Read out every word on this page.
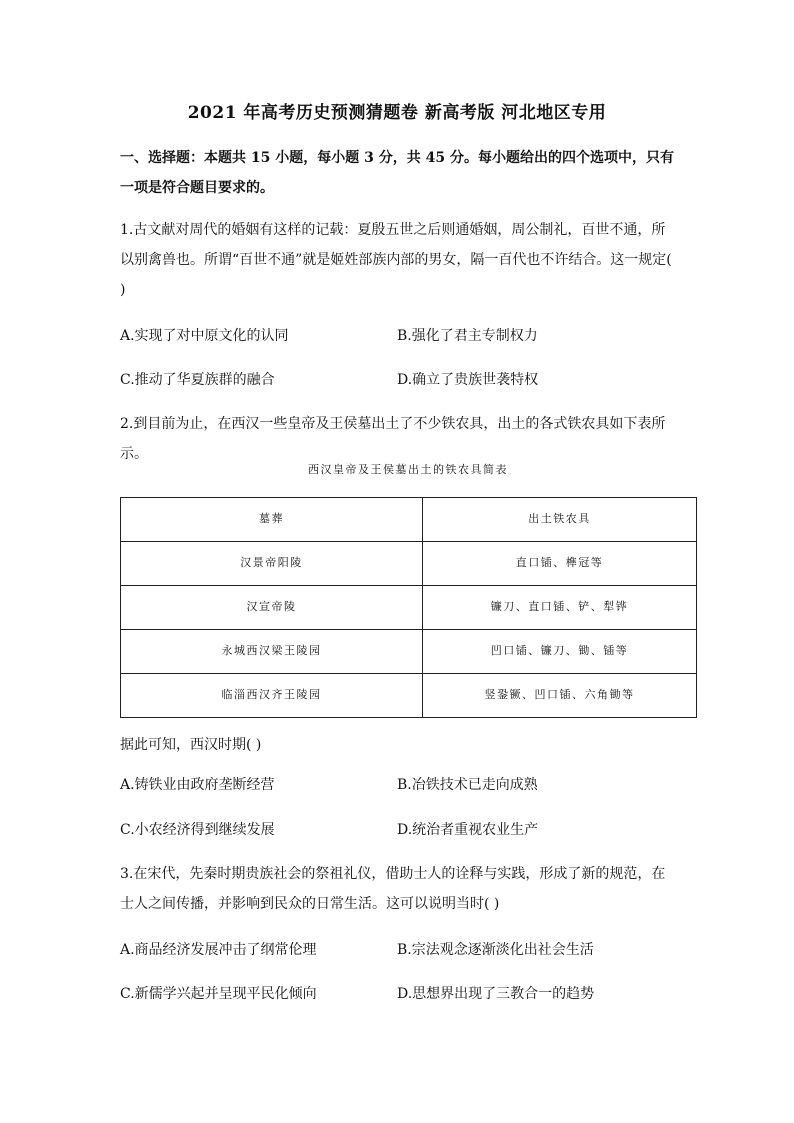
2021 年高考历史预测猜题卷 新高考版 河北地区专用
一、选择题：本题共 15 小题，每小题 3 分，共 45 分。每小题给出的四个选项中，只有一项是符合题目要求的。
1.古文献对周代的婚姻有这样的记载：夏殷五世之后则通婚姻，周公制礼，百世不通，所以别禽兽也。所谓“百世不通”就是姬姓部族内部的男女，隔一百代也不许结合。这一规定( )
A.实现了对中原文化的认同	B.强化了君主专制权力
C.推动了华夏族群的融合	D.确立了贵族世袭特权
2.到目前为止，在西汉一些皇帝及王侯墓出土了不少铁农具，出土的各式铁农具如下表所示。
西汉皇帝及王侯墓出土的铁农具简表
墓葬	出土铁农具
汉景帝阳陵	直口锸、榫冠等
汉宣帝陵	镰刀、直口锸、铲、犁铧
永城西汉梁王陵园	凹口锸、镰刀、锄、锸等
临淄西汉齐王陵园	竖銎镢、凹口锸、六角锄等
据此可知，西汉时期( )
A.铸铁业由政府垄断经营	B.冶铁技术已走向成熟
C.小农经济得到继续发展	D.统治者重视农业生产
3.在宋代，先秦时期贵族社会的祭祖礼仪，借助士人的诠释与实践，形成了新的规范，在士人之间传播，并影响到民众的日常生活。这可以说明当时( )
A.商品经济发展冲击了纲常伦理	B.宗法观念逐渐淡化出社会生活
C.新儒学兴起并呈现平民化倾向	D.思想界出现了三教合一的趋势
